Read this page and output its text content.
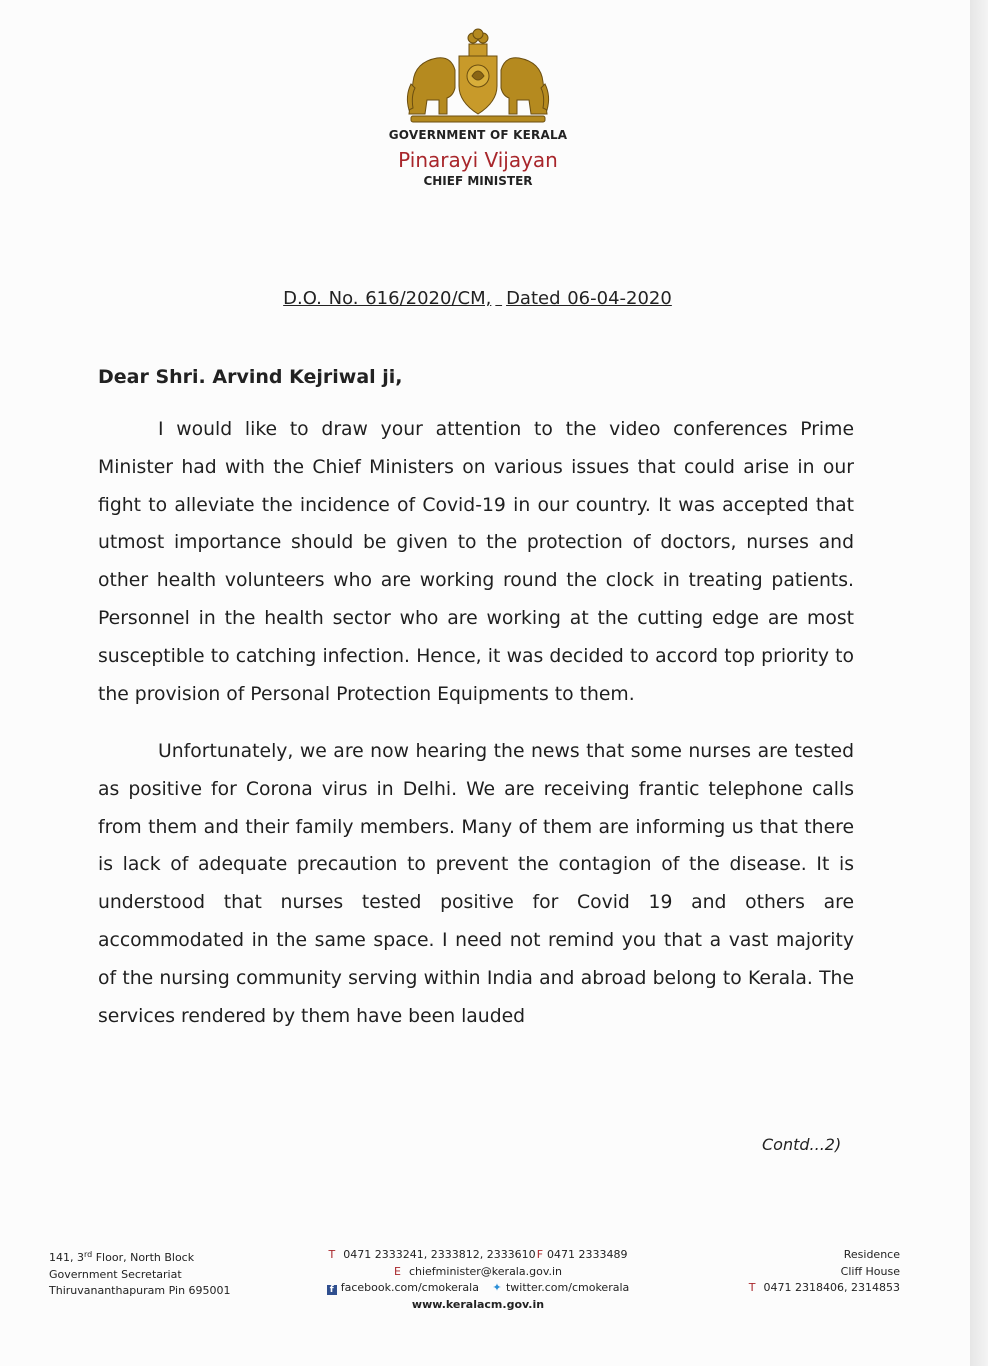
GOVERNMENT OF KERALA
Pinarayi Vijayan
CHIEF MINISTER
D.O. No. 616/2020/CM, Dated 06-04-2020
Dear Shri. Arvind Kejriwal ji,
I would like to draw your attention to the video conferences Prime Minister had with the Chief Ministers on various issues that could arise in our fight to alleviate the incidence of Covid-19 in our country. It was accepted that utmost importance should be given to the protection of doctors, nurses and other health volunteers who are working round the clock in treating patients. Personnel in the health sector who are working at the cutting edge are most susceptible to catching infection. Hence, it was decided to accord top priority to the provision of Personal Protection Equipments to them.
Unfortunately, we are now hearing the news that some nurses are tested as positive for Corona virus in Delhi. We are receiving frantic telephone calls from them and their family members. Many of them are informing us that there is lack of adequate precaution to prevent the contagion of the disease. It is understood that nurses tested positive for Covid 19 and others are accommodated in the same space. I need not remind you that a vast majority of the nursing community serving within India and abroad belong to Kerala. The services rendered by them have been lauded
Contd...2)
141, 3rd Floor, North Block
Government Secretariat
Thiruvananthapuram Pin 695001
T 0471 2333241, 2333812, 2333610F 0471 2333489
E chiefminister@kerala.gov.in
f facebook.com/cmokerala ✦ twitter.com/cmokerala
www.keralacm.gov.in
Residence
Cliff House
T 0471 2318406, 2314853
